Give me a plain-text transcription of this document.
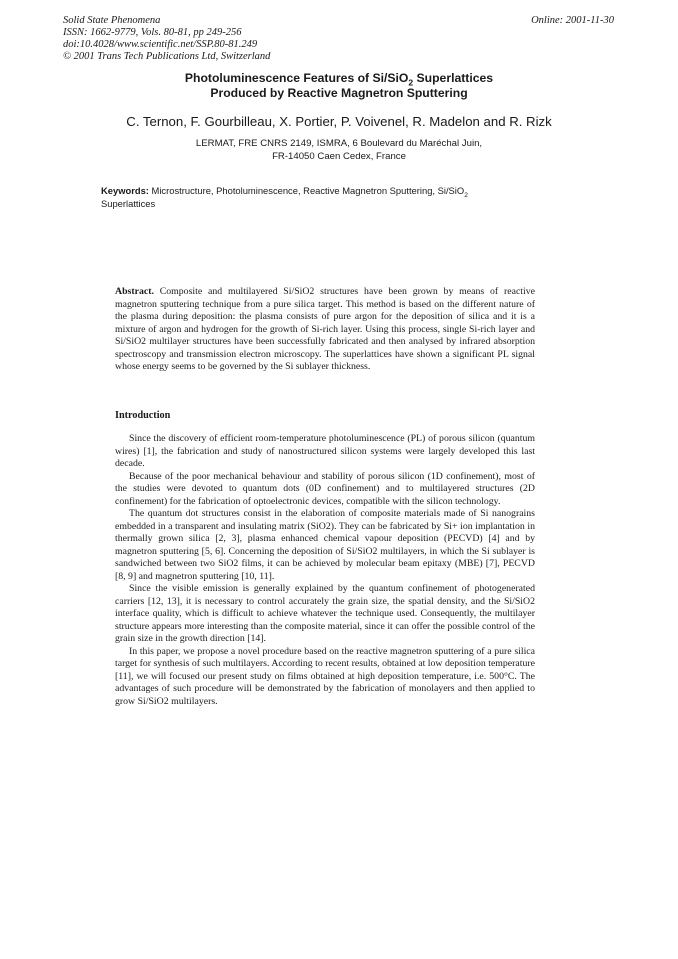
Solid State Phenomena
ISSN: 1662-9779, Vols. 80-81, pp 249-256
doi:10.4028/www.scientific.net/SSP.80-81.249
© 2001 Trans Tech Publications Ltd, Switzerland
Online: 2001-11-30
Photoluminescence Features of Si/SiO$_2$ Superlattices
Produced by Reactive Magnetron Sputtering
C. Ternon, F. Gourbilleau, X. Portier, P. Voivenel, R. Madelon and R. Rizk
LERMAT, FRE CNRS 2149, ISMRA, 6 Boulevard du Maréchal Juin,
FR-14050 Caen Cedex, France
Keywords: Microstructure, Photoluminescence, Reactive Magnetron Sputtering, Si/SiO$_2$
Superlattices
Abstract. Composite and multilayered Si/SiO2 structures have been grown by means of reactive magnetron sputtering technique from a pure silica target. This method is based on the different nature of the plasma during deposition: the plasma consists of pure argon for the deposition of silica and it is a mixture of argon and hydrogen for the growth of Si-rich layer. Using this process, single Si-rich layer and Si/SiO2 multilayer structures have been successfully fabricated and then analysed by infrared absorption spectroscopy and transmission electron microscopy. The superlattices have shown a significant PL signal whose energy seems to be governed by the Si sublayer thickness.
Introduction

Since the discovery of efficient room-temperature photoluminescence (PL) of porous silicon (quantum wires) [1], the fabrication and study of nanostructured silicon systems were largely developed this last decade.

Because of the poor mechanical behaviour and stability of porous silicon (1D confinement), most of the studies were devoted to quantum dots (0D confinement) and to multilayered structures (2D confinement) for the fabrication of optoelectronic devices, compatible with the silicon technology.

The quantum dot structures consist in the elaboration of composite materials made of Si nanograins embedded in a transparent and insulating matrix (SiO2). They can be fabricated by Si+ ion implantation in thermally grown silica [2, 3], plasma enhanced chemical vapour deposition (PECVD) [4] and by magnetron sputtering [5, 6]. Concerning the deposition of Si/SiO2 multilayers, in which the Si sublayer is sandwiched between two SiO2 films, it can be achieved by molecular beam epitaxy (MBE) [7], PECVD [8, 9] and magnetron sputtering [10, 11].

Since the visible emission is generally explained by the quantum confinement of photogenerated carriers [12, 13], it is necessary to control accurately the grain size, the spatial density, and the Si/SiO2 interface quality, which is difficult to achieve whatever the technique used. Consequently, the multilayer structure appears more interesting than the composite material, since it can offer the possible control of the grain size in the growth direction [14].

In this paper, we propose a novel procedure based on the reactive magnetron sputtering of a pure silica target for synthesis of such multilayers. According to recent results, obtained at low deposition temperature [11], we will focused our present study on films obtained at high deposition temperature, i.e. 500°C. The advantages of such procedure will be demonstrated by the fabrication of monolayers and then applied to grow Si/SiO2 multilayers.
